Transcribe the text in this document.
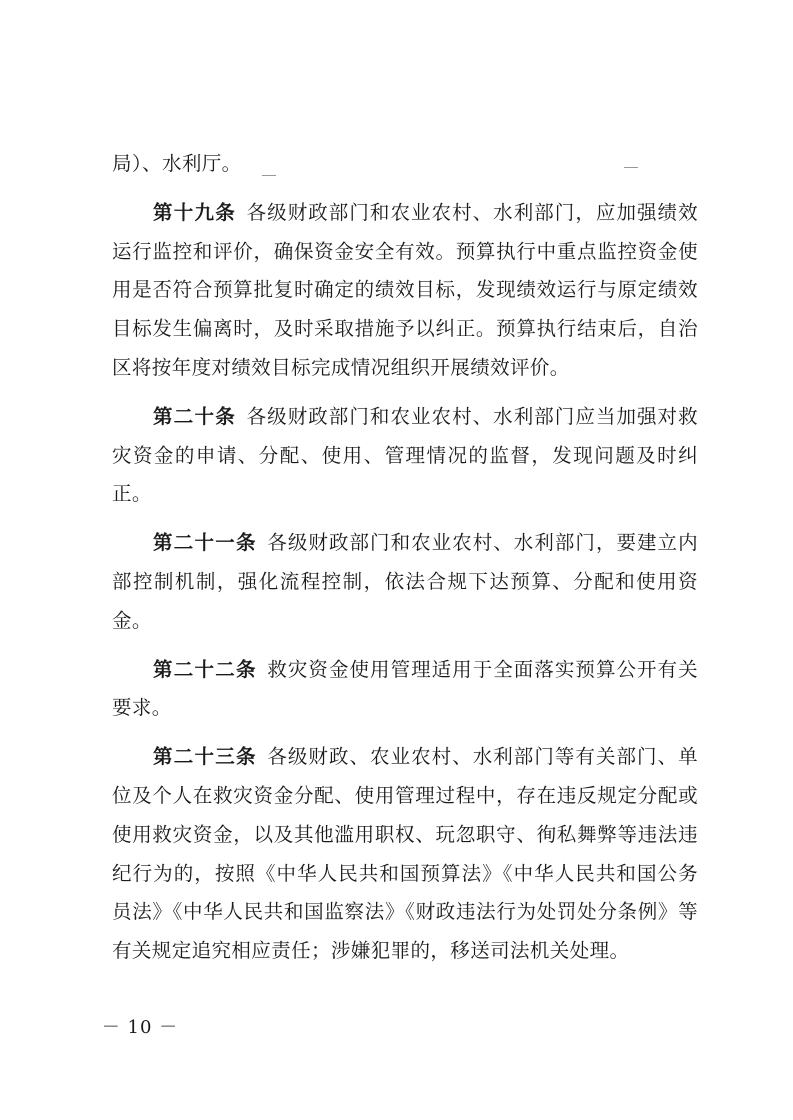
局）、水利厅。

第十九条 各级财政部门和农业农村、水利部门，应加强绩效运行监控和评价，确保资金安全有效。预算执行中重点监控资金使用是否符合预算批复时确定的绩效目标，发现绩效运行与原定绩效目标发生偏离时，及时采取措施予以纠正。预算执行结束后，自治区将按年度对绩效目标完成情况组织开展绩效评价。

第二十条 各级财政部门和农业农村、水利部门应当加强对救灾资金的申请、分配、使用、管理情况的监督，发现问题及时纠正。

第二十一条 各级财政部门和农业农村、水利部门，要建立内部控制机制，强化流程控制，依法合规下达预算、分配和使用资金。

第二十二条 救灾资金使用管理适用于全面落实预算公开有关要求。

第二十三条 各级财政、农业农村、水利部门等有关部门、单位及个人在救灾资金分配、使用管理过程中，存在违反规定分配或使用救灾资金，以及其他滥用职权、玩忽职守、徇私舞弊等违法违纪行为的，按照《中华人民共和国预算法》《中华人民共和国公务员法》《中华人民共和国监察法》《财政违法行为处罚处分条例》等有关规定追究相应责任；涉嫌犯罪的，移送司法机关处理。

－ 10 －
